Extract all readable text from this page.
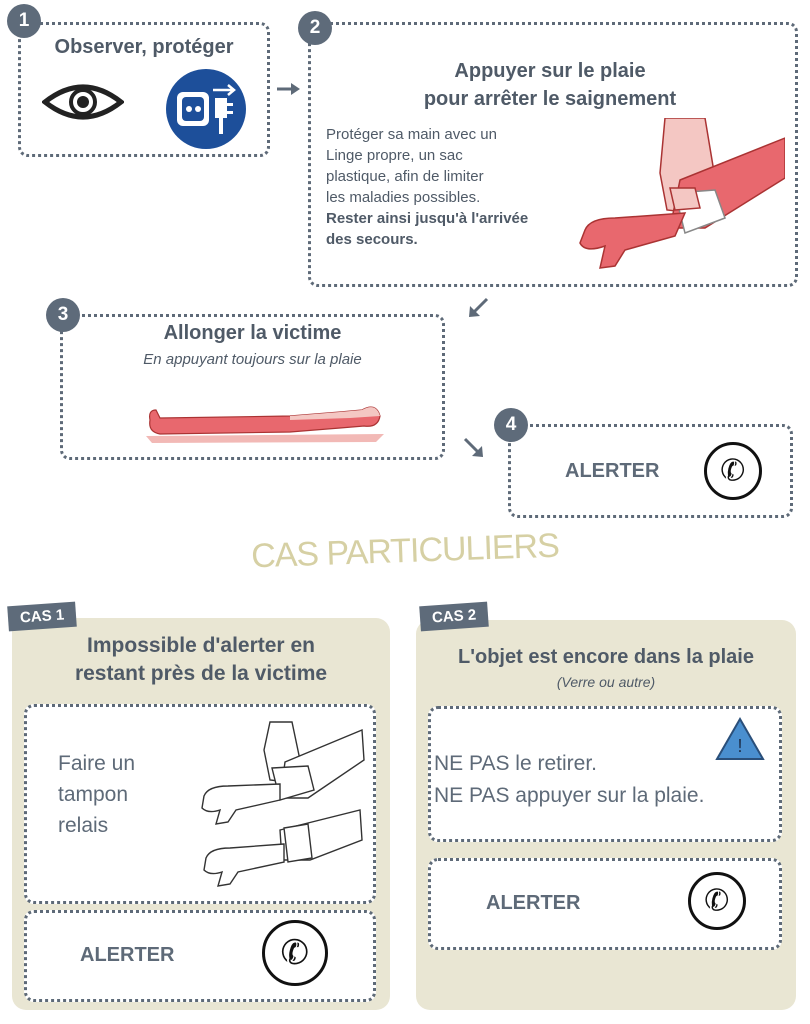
1
Observer, protéger
2
Appuyer sur le plaie
pour arrêter le saignement
Protéger sa main avec un
Linge propre, un sac
plastique, afin de limiter
les maladies possibles.
Rester ainsi jusqu'à l'arrivée
des secours.
3
Allonger la victime
En appuyant toujours sur la plaie
4
ALERTER	✆
CAS PARTICULIERS
CAS 1
Impossible d'alerter en
restant près de la victime
Faire un
tampon
relais
ALERTER	✆
CAS 2
L'objet est encore dans la plaie
(Verre ou autre)
!
NE PAS le retirer.
NE PAS appuyer sur la plaie.
ALERTER	✆
